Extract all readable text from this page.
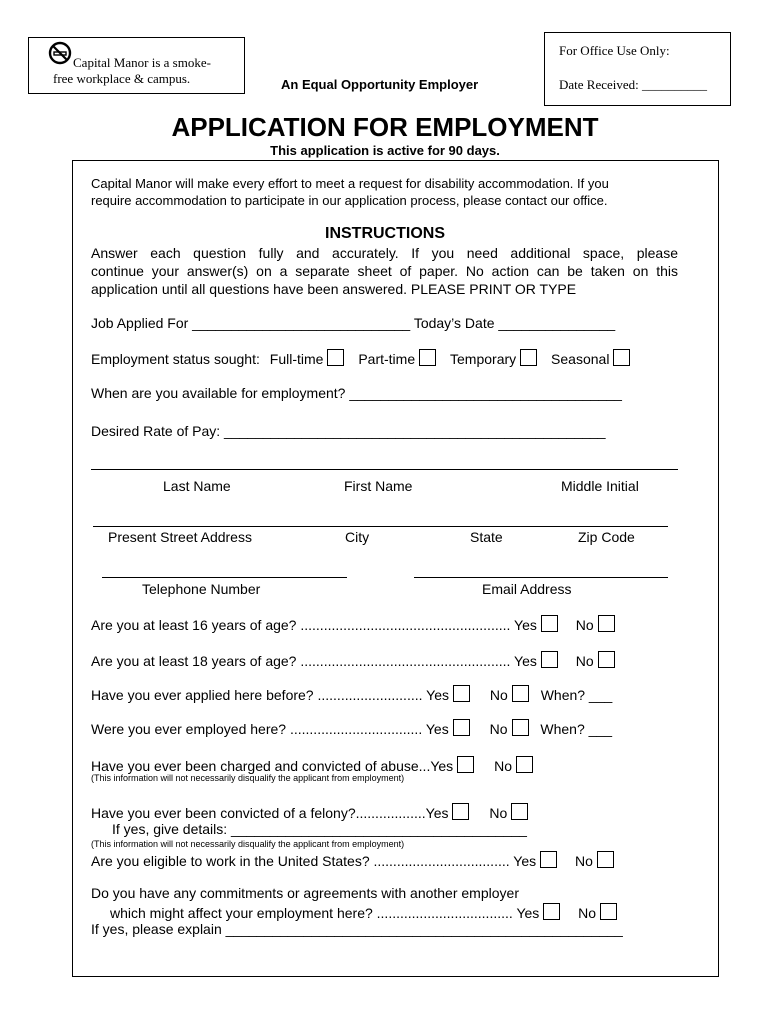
Capital Manor is a smoke-
free workplace & campus.	An Equal Opportunity Employer
For Office Use Only:
Date Received: __________
APPLICATION FOR EMPLOYMENT
This application is active for 90 days.
Capital Manor will make every effort to meet a request for disability accommodation. If you
require accommodation to participate in our application process, please contact our office.
INSTRUCTIONS
Answer each question fully and accurately. If you need additional space, please
continue your answer(s) on a separate sheet of paper. No action can be taken on this
application until all questions have been answered. PLEASE PRINT OR TYPE
Job Applied For ____________________________ Today’s Date _______________
Employment status sought: Full-time Part-time Temporary Seasonal
When are you available for employment? ___________________________________
Desired Rate of Pay: _________________________________________________
Last Name	First Name	Middle Initial
Present Street Address	City	State	Zip Code
Telephone Number	Email Address
Are you at least 16 years of age? ...................................................... Yes	No
Are you at least 18 years of age? ...................................................... Yes	No
Have you ever applied here before? ........................... Yes	No When? ___
Were you ever employed here? .................................. Yes	No When? ___
Have you ever been charged and convicted of abuse...Yes	No
(This information will not necessarily disqualify the applicant from employment)
Have you ever been convicted of a felony?..................Yes	No
If yes, give details: ______________________________________
(This information will not necessarily disqualify the applicant from employment)
Are you eligible to work in the United States? ................................... Yes	No
Do you have any commitments or agreements with another employer
which might affect your employment here? ................................... Yes	No
If yes, please explain ___________________________________________________
